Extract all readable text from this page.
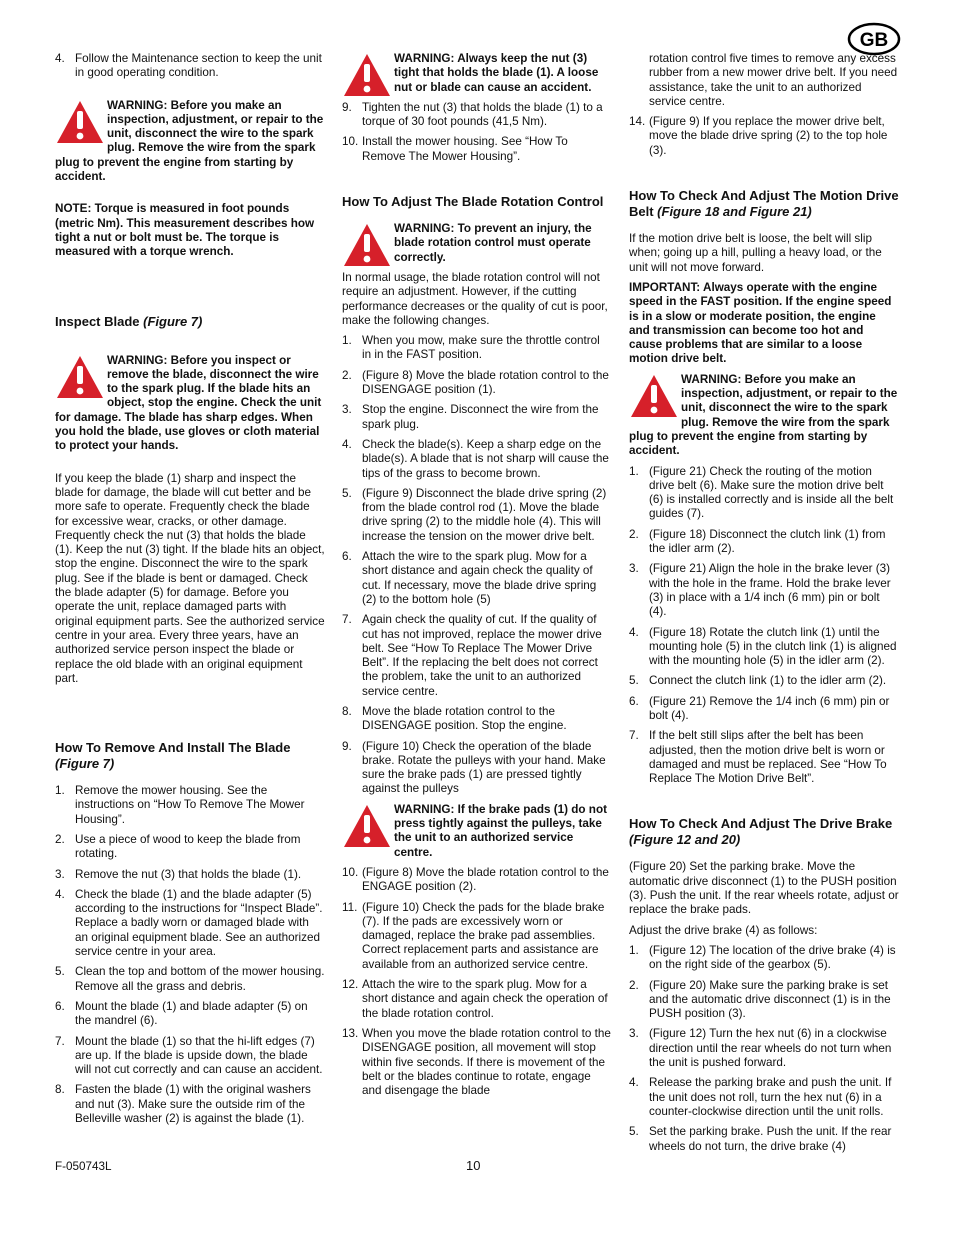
GB
4. Follow the Maintenance section to keep the unit in good operating condition.
WARNING: Before you make an inspection, adjustment, or repair to the unit, disconnect the wire to the spark plug. Remove the wire from the spark plug to prevent the engine from starting by accident.

NOTE: Torque is measured in foot pounds (metric Nm). This measurement describes how tight a nut or bolt must be. The torque is measured with a torque wrench.

Inspect Blade (Figure 7)
WARNING: Before you inspect or remove the blade, disconnect the wire to the spark plug. If the blade hits an object, stop the engine. Check the unit for damage. The blade has sharp edges. When you hold the blade, use gloves or cloth material to protect your hands.

If you keep the blade (1) sharp and inspect the blade for damage, the blade will cut better and be more safe to operate. Frequently check the blade for excessive wear, cracks, or other damage. Frequently check the nut (3) that holds the blade (1). Keep the nut (3) tight. If the blade hits an object, stop the engine. Disconnect the wire to the spark plug. See if the blade is bent or damaged. Check the blade adapter (5) for damage. Before you operate the unit, replace damaged parts with original equipment parts. See the authorized service centre in your area. Every three years, have an authorized service person inspect the blade or replace the old blade with an original equipment part.

How To Remove And Install The Blade
(Figure 7)
1. Remove the mower housing. See the instructions on “How To Remove The Mower Housing”.
2. Use a piece of wood to keep the blade from rotating.
3. Remove the nut (3) that holds the blade (1).
4. Check the blade (1) and the blade adapter (5) according to the instructions for “Inspect Blade”. Replace a badly worn or damaged blade with an original equipment blade. See an authorized service centre in your area.
5. Clean the top and bottom of the mower housing. Remove all the grass and debris.
6. Mount the blade (1) and blade adapter (5) on the mandrel (6).
7. Mount the blade (1) so that the hi-lift edges (7) are up. If the blade is upside down, the blade will not cut correctly and can cause an accident.
8. Fasten the blade (1) with the original washers and nut (3). Make sure the outside rim of the Belleville washer (2) is against the blade (1).
WARNING: Always keep the nut (3) tight that holds the blade (1). A loose nut or blade can cause an accident.
9. Tighten the nut (3) that holds the blade (1) to a torque of 30 foot pounds (41,5 Nm).
10. Install the mower housing. See “How To Remove The Mower Housing”.
How To Adjust The Blade Rotation Control
WARNING: To prevent an injury, the blade rotation control must operate correctly.

In normal usage, the blade rotation control will not require an adjustment. However, if the cutting performance decreases or the quality of cut is poor, make the following changes.

1. When you mow, make sure the throttle control in in the FAST position.
2. (Figure 8) Move the blade rotation control to the DISENGAGE position (1).
3. Stop the engine. Disconnect the wire from the spark plug.
4. Check the blade(s). Keep a sharp edge on the blade(s). A blade that is not sharp will cause the tips of the grass to become brown.
5. (Figure 9) Disconnect the blade drive spring (2) from the blade control rod (1). Move the blade drive spring (2) to the middle hole (4). This will increase the tension on the mower drive belt.
6. Attach the wire to the spark plug. Mow for a short distance and again check the quality of cut. If necessary, move the blade drive spring (2) to the bottom hole (5)
7. Again check the quality of cut. If the quality of cut has not improved, replace the mower drive belt. See “How To Replace The Mower Drive Belt”. If the replacing the belt does not correct the problem, take the unit to an authorized service centre.
8. Move the blade rotation control to the DISENGAGE position. Stop the engine.
9. (Figure 10) Check the operation of the blade brake. Rotate the pulleys with your hand. Make sure the brake pads (1) are pressed tightly against the pulleys
WARNING: If the brake pads (1) do not press tightly against the pulleys, take the unit to an authorized service centre.
10. (Figure 8) Move the blade rotation control to the ENGAGE position (2).
11. (Figure 10) Check the pads for the blade brake (7). If the pads are excessively worn or damaged, replace the brake pad assemblies. Correct replacement parts and assistance are available from an authorized service centre.
12. Attach the wire to the spark plug. Mow for a short distance and again check the operation of the blade rotation control.
13. When you move the blade rotation control to the DISENGAGE position, all movement will stop within five seconds. If there is movement of the belt or the blades continue to rotate, engage and disengage the blade

rotation control five times to remove any excess rubber from a new mower drive belt. If you need assistance, take the unit to an authorized service centre.

14. (Figure 9) If you replace the mower drive belt, move the blade drive spring (2) to the top hole (3).
How To Check And Adjust The Motion Drive Belt (Figure 18 and Figure 21)

If the motion drive belt is loose, the belt will slip when; going up a hill, pulling a heavy load, or the unit will not move forward.

IMPORTANT: Always operate with the engine speed in the FAST position. If the engine speed is in a slow or moderate position, the engine and transmission can become too hot and cause problems that are similar to a loose motion drive belt.

WARNING: Before you make an inspection, adjustment, or repair to the unit, disconnect the wire to the spark plug. Remove the wire from the spark plug to prevent the engine from starting by accident.
1. (Figure 21) Check the routing of the motion drive belt (6). Make sure the motion drive belt (6) is installed correctly and is inside all the belt guides (7).
2. (Figure 18) Disconnect the clutch link (1) from the idler arm (2).
3. (Figure 21) Align the hole in the brake lever (3) with the hole in the frame. Hold the brake lever (3) in place with a 1/4 inch (6 mm) pin or bolt (4).
4. (Figure 18) Rotate the clutch link (1) until the mounting hole (5) in the clutch link (1) is aligned with the mounting hole (5) in the idler arm (2).
5. Connect the clutch link (1) to the idler arm (2).
6. (Figure 21) Remove the 1/4 inch (6 mm) pin or bolt (4).
7. If the belt still slips after the belt has been adjusted, then the motion drive belt is worn or damaged and must be replaced. See “How To Replace The Motion Drive Belt”.
How To Check And Adjust The Drive Brake (Figure 12 and 20)

(Figure 20) Set the parking brake. Move the automatic drive disconnect (1) to the PUSH position (3). Push the unit. If the rear wheels rotate, adjust or replace the brake pads.

Adjust the drive brake (4) as follows:

1. (Figure 12) The location of the drive brake (4) is on the right side of the gearbox (5).
2. (Figure 20) Make sure the parking brake is set and the automatic drive disconnect (1) is in the PUSH position (3).
3. (Figure 12) Turn the hex nut (6) in a clockwise direction until the rear wheels do not turn when the unit is pushed forward.
4. Release the parking brake and push the unit. If the unit does not roll, turn the hex nut (6) in a counter-clockwise direction until the unit rolls.
5. Set the parking brake. Push the unit. If the rear wheels do not turn, the drive brake (4)
F-050743L	10
